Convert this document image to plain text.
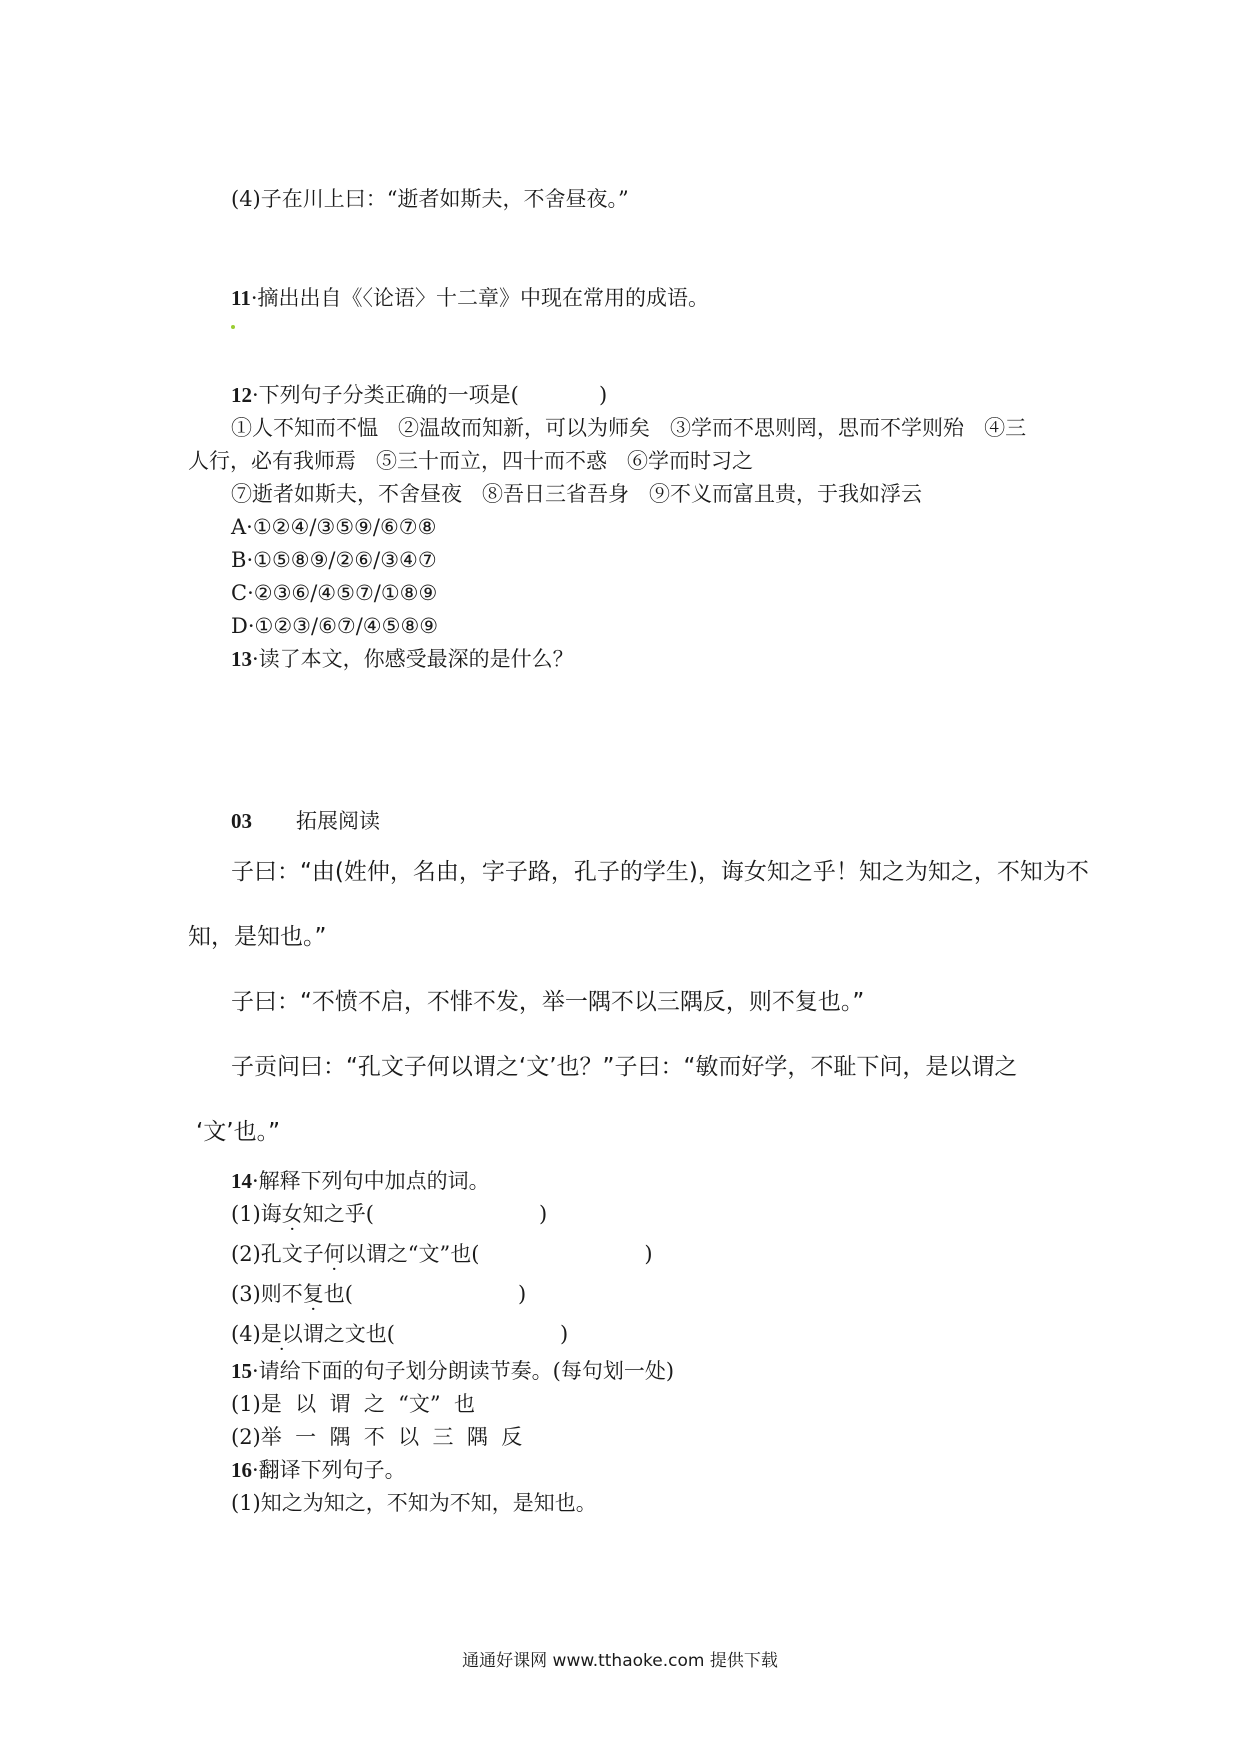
(4)子在川上曰：“逝者如斯夫，不舍昼夜。”
11·摘出出自《〈论语〉十二章》中现在常用的成语。
12·下列句子分类正确的一项是(            )
①人不知而不愠   ②温故而知新，可以为师矣   ③学而不思则罔，思而不学则殆   ④三
人行，必有我师焉   ⑤三十而立，四十而不惑   ⑥学而时习之
⑦逝者如斯夫，不舍昼夜   ⑧吾日三省吾身   ⑨不义而富且贵，于我如浮云
A·①②④/③⑤⑨/⑥⑦⑧
B·①⑤⑧⑨/②⑥/③④⑦
C·②③⑥/④⑤⑦/①⑧⑨
D·①②③/⑥⑦/④⑤⑧⑨
13·读了本文，你感受最深的是什么？
03 拓展阅读
子曰：“由(姓仲，名由，字子路，孔子的学生)，诲女知之乎！知之为知之，不知为不
知，是知也。”
子曰：“不愤不启，不悱不发，举一隅不以三隅反，则不复也。”
子贡问曰：“孔文子何以谓之‘文’也？”子曰：“敏而好学，不耻下问，是以谓之
‘文’也。”
14·解释下列句中加点的词。
(1)诲女知之乎(	)
(2)孔文子何以谓之“文”也(	)
(3)则不复也(	)
(4)是以谓之文也(	)
15·请给下面的句子划分朗读节奏。(每句划一处)
(1)是  以  谓  之  “文”  也
(2)举  一  隅  不  以  三  隅  反
16·翻译下列句子。
(1)知之为知之，不知为不知，是知也。
通通好课网 www.tthaoke.com 提供下载
